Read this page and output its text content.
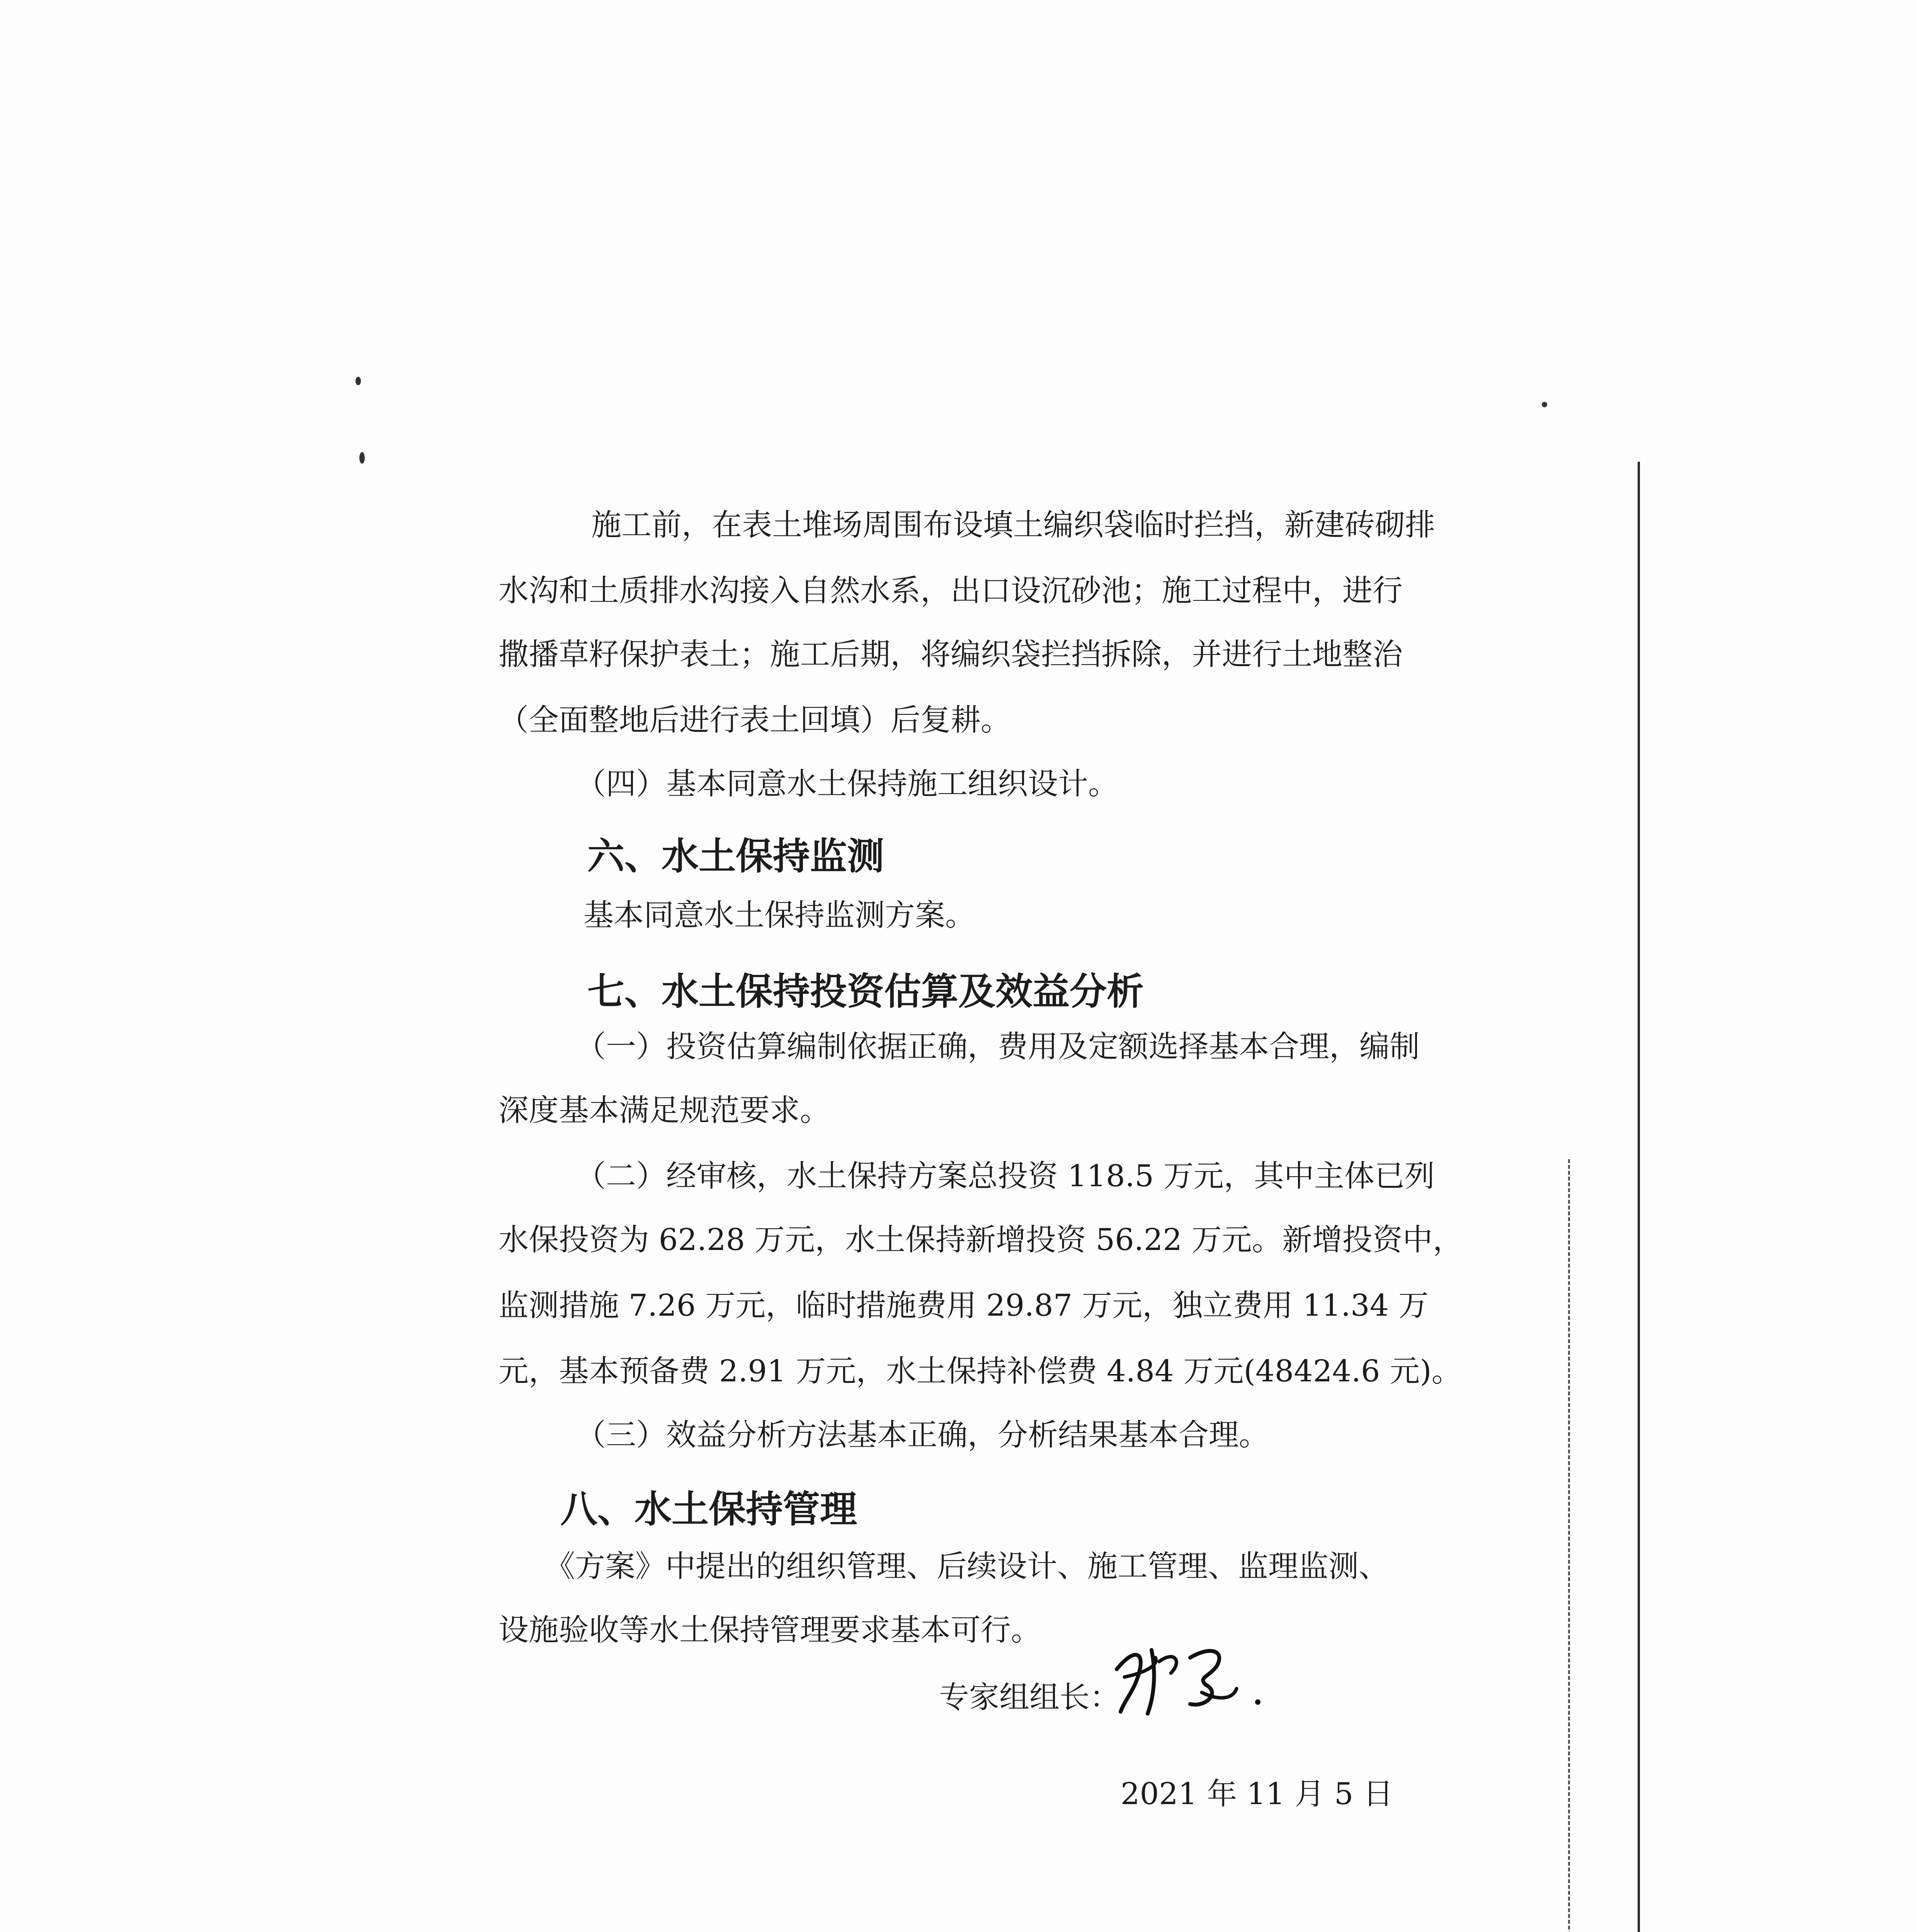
施工前，在表土堆场周围布设填土编织袋临时拦挡，新建砖砌排
水沟和土质排水沟接入自然水系，出口设沉砂池；施工过程中，进行
撒播草籽保护表土；施工后期，将编织袋拦挡拆除，并进行土地整治
（全面整地后进行表土回填）后复耕。
（四）基本同意水土保持施工组织设计。
六、水土保持监测
基本同意水土保持监测方案。
七、水土保持投资估算及效益分析
（一）投资估算编制依据正确，费用及定额选择基本合理，编制
深度基本满足规范要求。
（二）经审核，水土保持方案总投资 118.5 万元，其中主体已列
水保投资为 62.28 万元，水土保持新增投资 56.22 万元。新增投资中，
监测措施 7.26 万元，临时措施费用 29.87 万元，独立费用 11.34 万
元，基本预备费 2.91 万元，水土保持补偿费 4.84 万元(48424.6 元)。
（三）效益分析方法基本正确，分析结果基本合理。
八、水土保持管理
《方案》中提出的组织管理、后续设计、施工管理、监理监测、
设施验收等水土保持管理要求基本可行。
专家组组长：
2021 年 11 月 5 日
